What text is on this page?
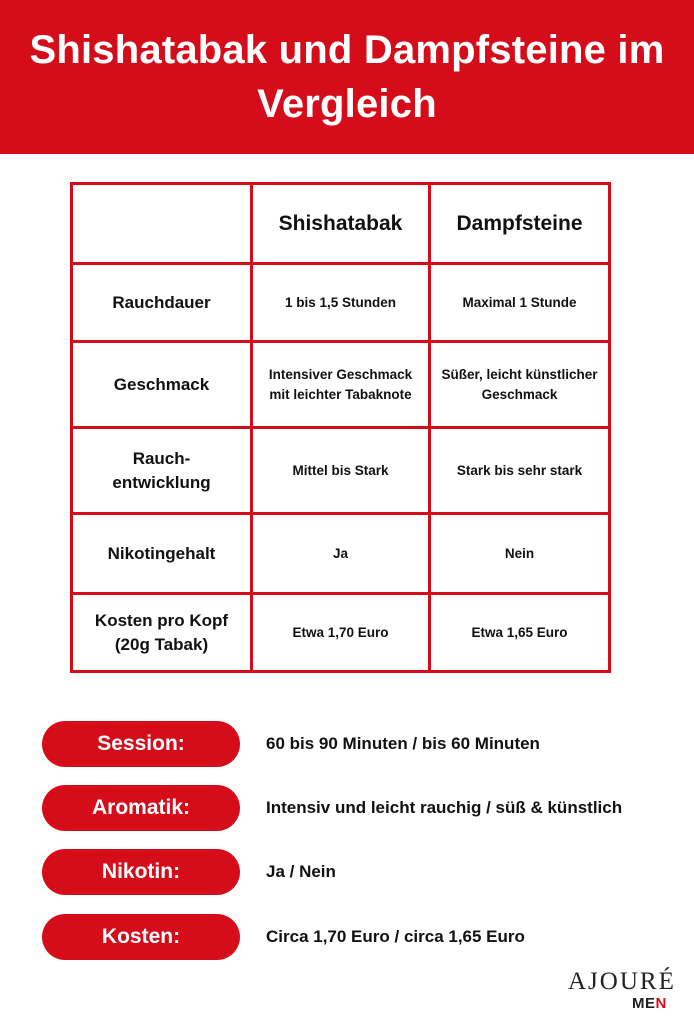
Shishatabak und Dampfsteine im Vergleich
	Shishatabak	Dampfsteine
Rauchdauer	1 bis 1,5 Stunden	Maximal 1 Stunde
Geschmack	Intensiver Geschmack mit leichter Tabaknote	Süßer, leicht künstlicher Geschmack
Rauch-entwicklung	Mittel bis Stark	Stark bis sehr stark
Nikotingehalt	Ja	Nein
Kosten pro Kopf (20g Tabak)	Etwa 1,70 Euro	Etwa 1,65 Euro
Session:	60 bis 90 Minuten / bis 60 Minuten
Aromatik:	Intensiv und leicht rauchig / süß & künstlich
Nikotin:	Ja / Nein
Kosten:	Circa 1,70 Euro / circa 1,65 Euro
AJOURÉ
MEN
